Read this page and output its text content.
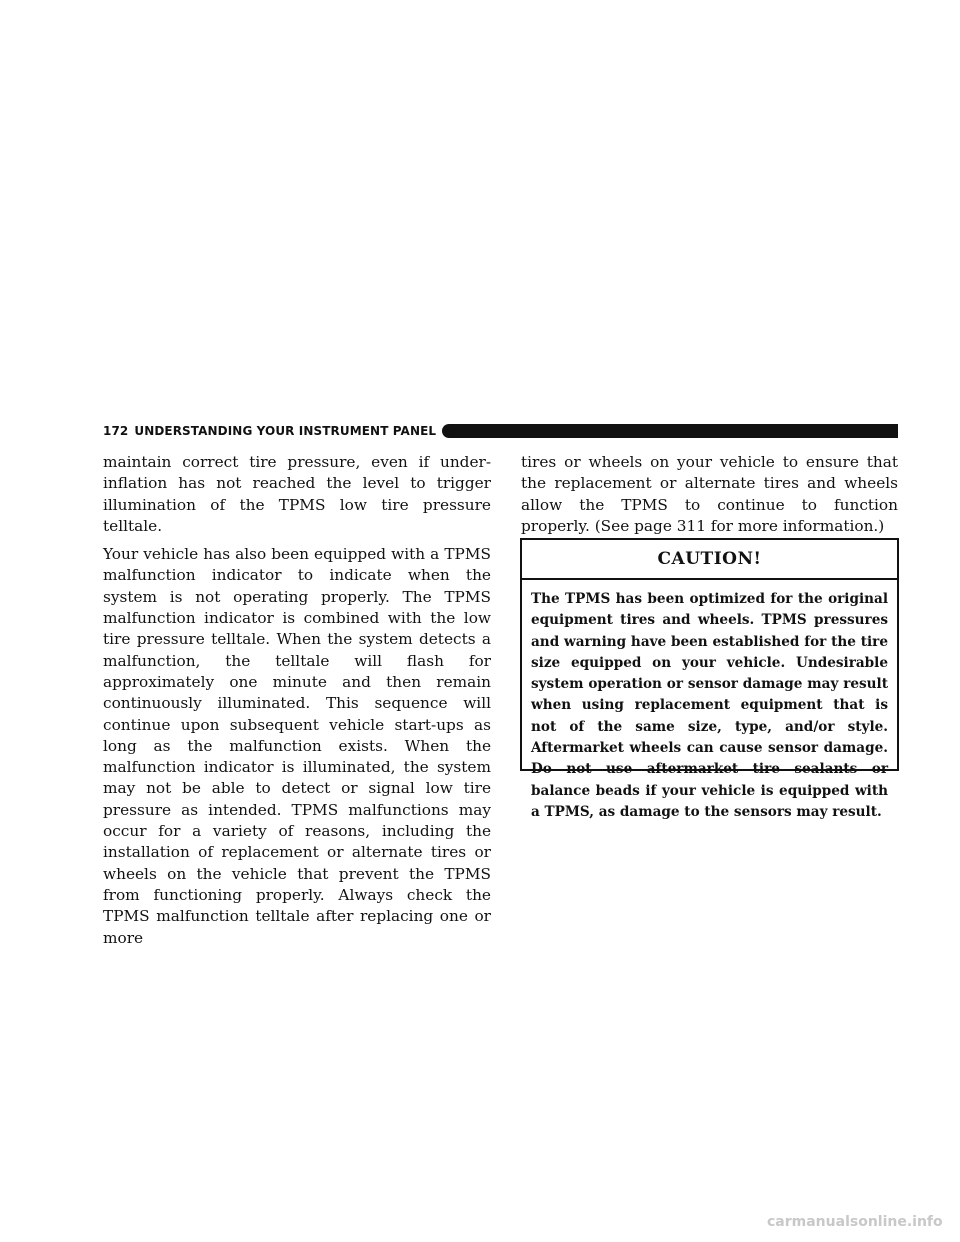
172 UNDERSTANDING YOUR INSTRUMENT PANEL

maintain correct tire pressure, even if under-inflation has not reached the level to trigger illumination of the TPMS low tire pressure telltale.

Your vehicle has also been equipped with a TPMS malfunction indicator to indicate when the system is not operating properly. The TPMS malfunction indicator is combined with the low tire pressure telltale. When the system detects a malfunction, the telltale will flash for approximately one minute and then remain continuously illuminated. This sequence will continue upon subsequent vehicle start-ups as long as the malfunction exists. When the malfunction indicator is illuminated, the system may not be able to detect or signal low tire pressure as intended. TPMS malfunctions may occur for a variety of reasons, including the installation of replacement or alternate tires or wheels on the vehicle that prevent the TPMS from functioning properly. Always check the TPMS malfunction telltale after replacing one or more

tires or wheels on your vehicle to ensure that the replacement or alternate tires and wheels allow the TPMS to continue to function properly. (See page 311 for more information.)

CAUTION!
The TPMS has been optimized for the original equipment tires and wheels. TPMS pressures and warning have been established for the tire size equipped on your vehicle. Undesirable system operation or sensor damage may result when using replacement equipment that is not of the same size, type, and/or style. Aftermarket wheels can cause sensor damage. Do not use aftermarket tire sealants or balance beads if your vehicle is equipped with a TPMS, as damage to the sensors may result.
carmanualsonline.info
